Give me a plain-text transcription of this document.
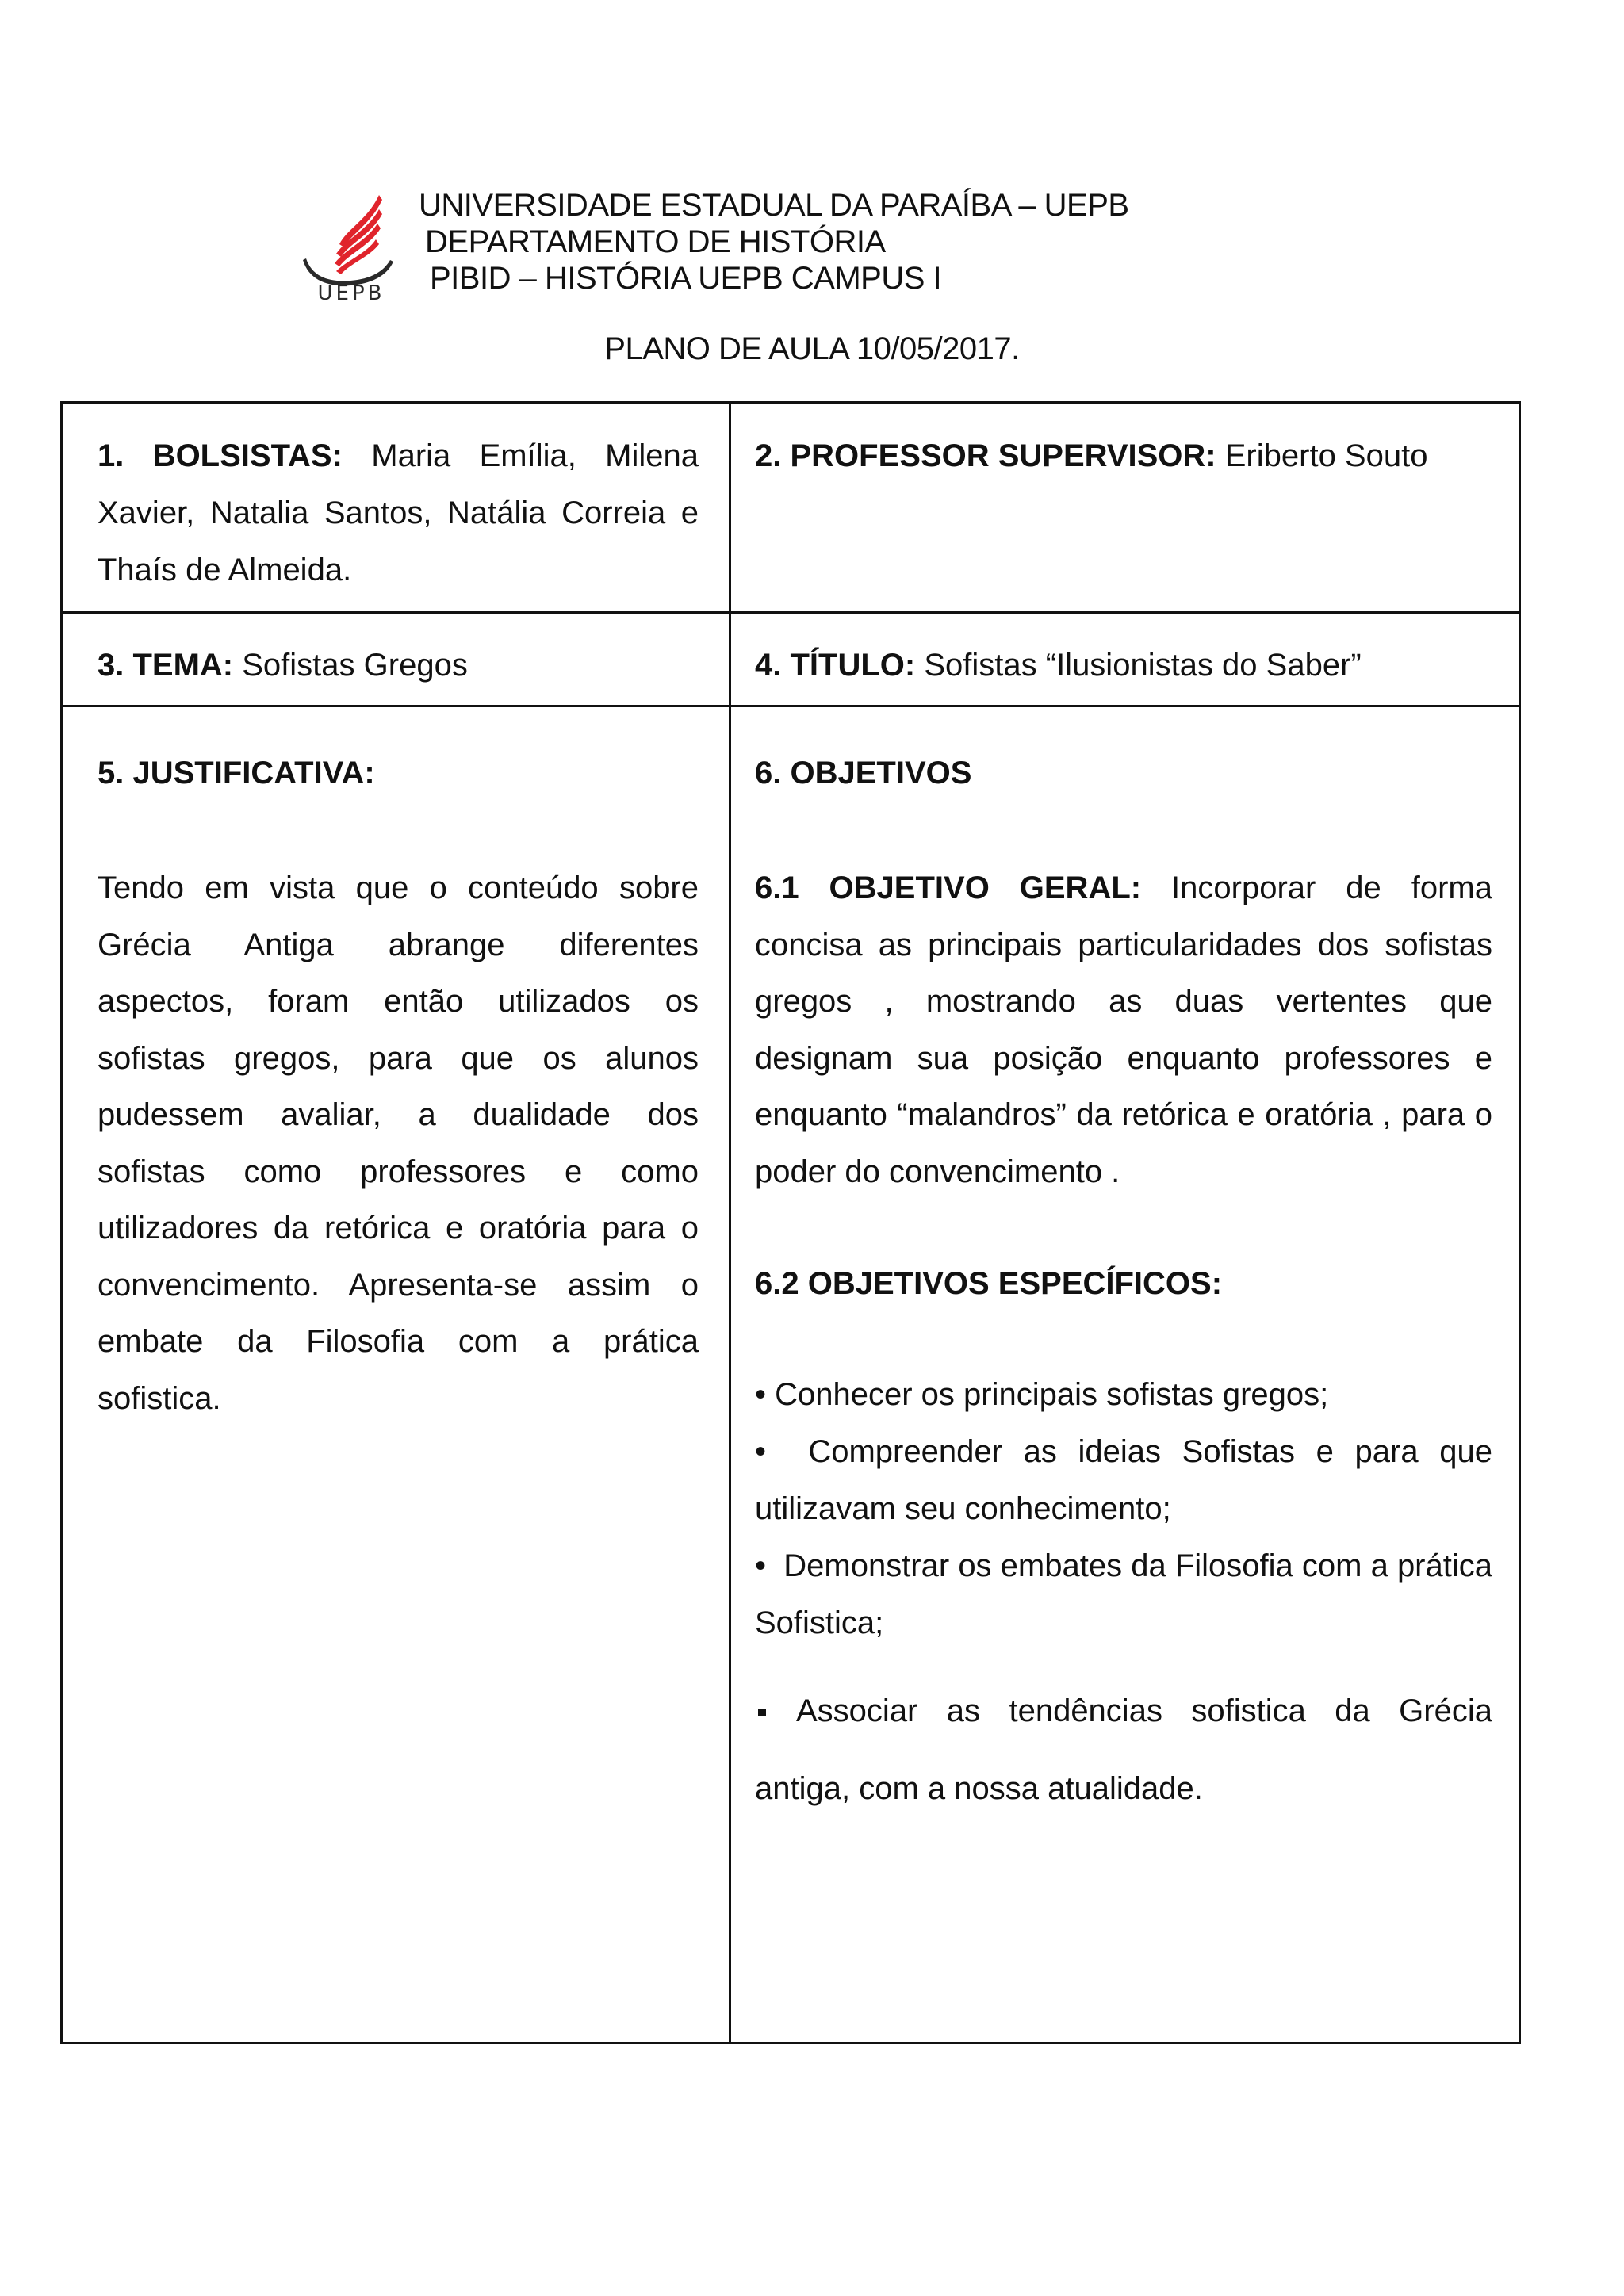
UEPB
UNIVERSIDADE ESTADUAL DA PARAÍBA – UEPB
DEPARTAMENTO DE HISTÓRIA
PIBID – HISTÓRIA UEPB CAMPUS I
PLANO DE AULA 10/05/2017.
1. BOLSISTAS: Maria Emília, Milena Xavier, Natalia Santos, Natália Correia e Thaís de Almeida.
2. PROFESSOR SUPERVISOR: Eriberto Souto
3. TEMA: Sofistas Gregos	4. TÍTULO: Sofistas “Ilusionistas do Saber”
5. JUSTIFICATIVA:
Tendo em vista que o conteúdo sobre Grécia Antiga abrange diferentes aspectos, foram então utilizados os sofistas gregos, para que os alunos pudessem avaliar, a dualidade dos sofistas como professores e como utilizadores da retórica e oratória para o convencimento. Apresenta-se assim o embate da Filosofia com a prática sofistica.
6. OBJETIVOS
6.1 OBJETIVO GERAL: Incorporar de forma concisa as principais particularidades dos sofistas gregos , mostrando as duas vertentes que designam sua posição enquanto professores e enquanto “malandros” da retórica e oratória , para o poder do convencimento .
6.2 OBJETIVOS ESPECÍFICOS:
• Conhecer os principais sofistas gregos;
•  Compreender as ideias Sofistas e para que utilizavam seu conhecimento;
•  Demonstrar os embates da Filosofia com a prática Sofistica;
Associar as tendências sofistica da Grécia antiga, com a nossa atualidade.
